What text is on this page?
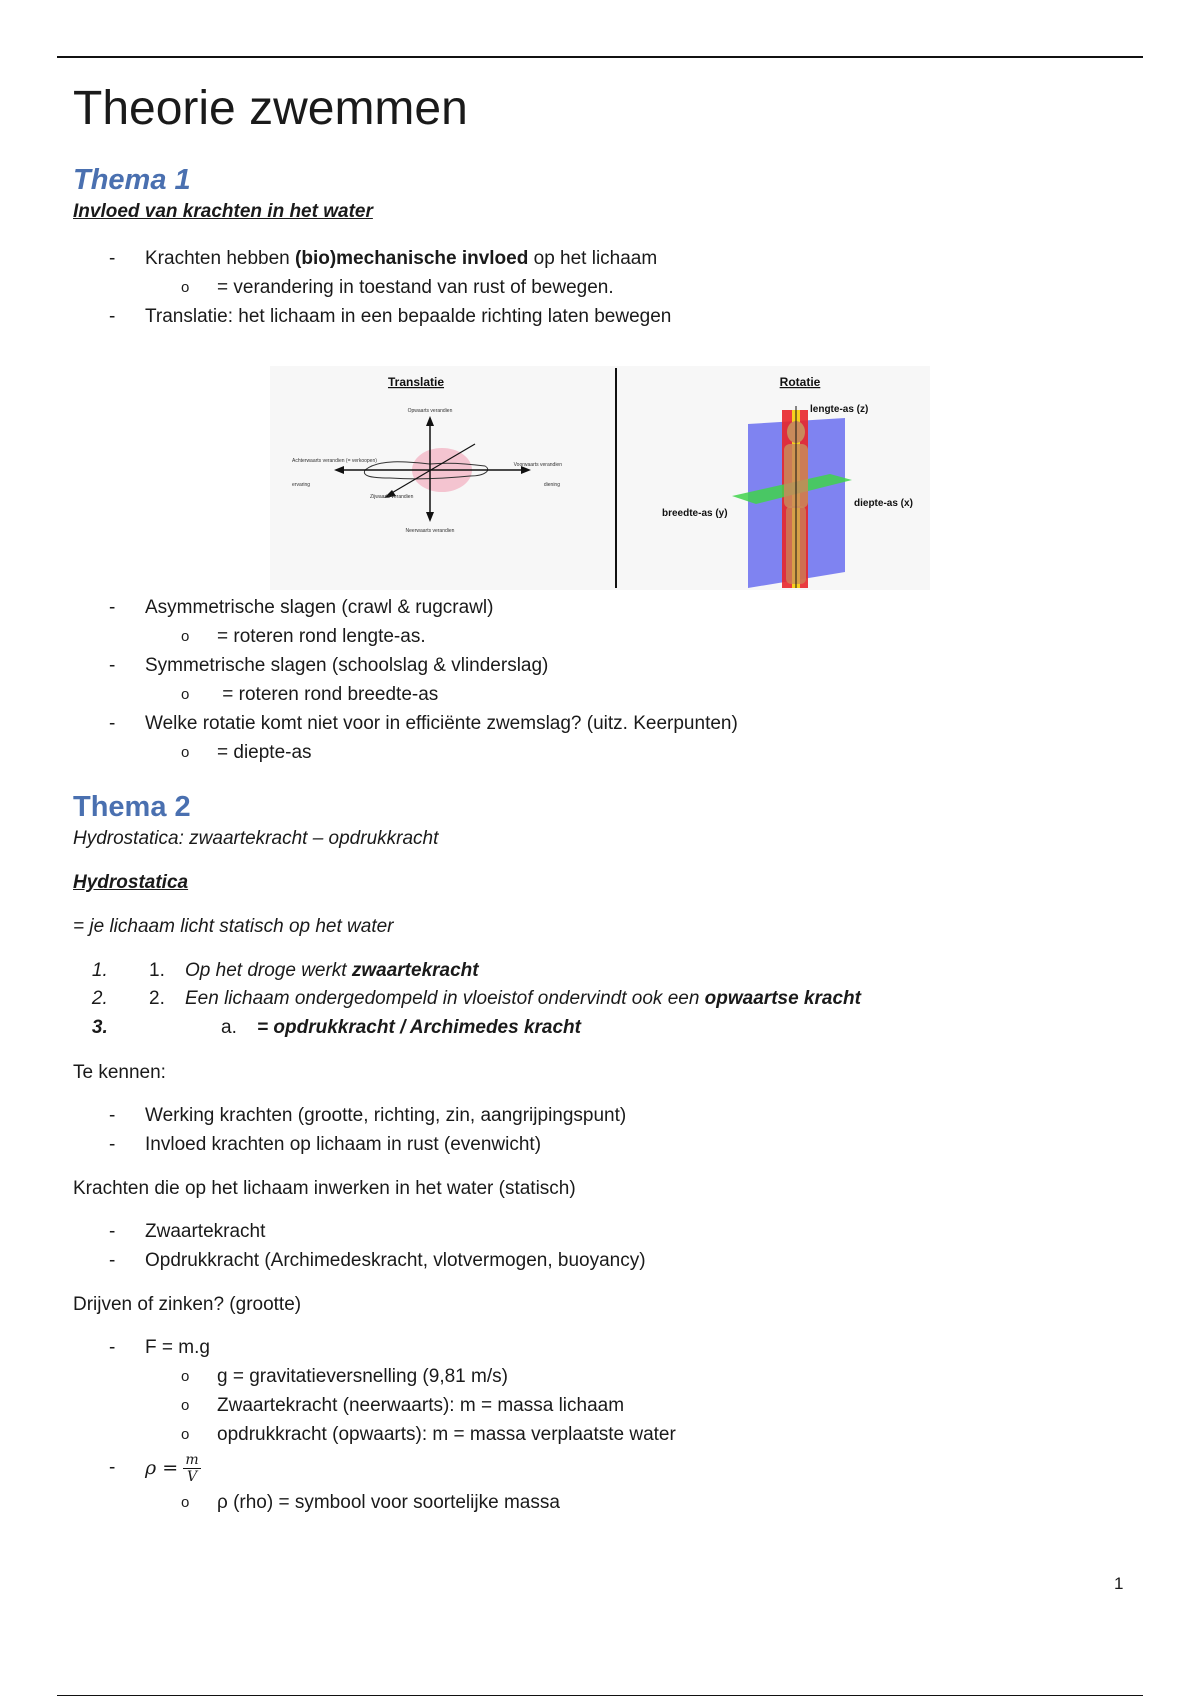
Theorie zwemmen
Thema 1

Invloed van krachten in het water

- Krachten hebben (bio)mechanische invloed op het lichaam
o = verandering in toestand van rust of bewegen.
- Translatie: het lichaam in een bepaalde richting laten bewegen
- Asymmetrische slagen (crawl & rugcrawl)
o = roteren rond lengte-as.
- Symmetrische slagen (schoolslag & vlinderslag)
o = roteren rond breedte-as
- Welke rotatie komt niet voor in efficiënte zwemslag? (uitz. Keerpunten)
o = diepte-as
Thema 2

Hydrostatica: zwaartekracht – opdrukkracht

Hydrostatica

= je lichaam licht statisch op het water

1. 1. Op het droge werkt zwaartekracht
2. 2. Een lichaam ondergedompeld in vloeistof ondervindt ook een opwaartse kracht
3. a. = opdrukkracht / Archimedes kracht

Te kennen:

- Werking krachten (grootte, richting, zin, aangrijpingspunt)
- Invloed krachten op lichaam in rust (evenwicht)

Krachten die op het lichaam inwerken in het water (statisch)

- Zwaartekracht
- Opdrukkracht (Archimedeskracht, vlotvermogen, buoyancy)

Drijven of zinken? (grootte)

- F = m.g
o g = gravitatieversnelling (9,81 m/s)
o Zwaartekracht (neerwaarts): m = massa lichaam
o opdrukkracht (opwaarts): m = massa verplaatste water
- $\rho = \frac{m}{V}$
o ρ (rho) = symbool voor soortelijke massa
Translatie
Opwaarts verandien
Neerwaarts verandien
Achterwaarts verandien (= verkoopen)
ervaring
Voorwaarts verandien
diening
Zijwaarts verandien
Rotatie
lengte-as (z)
breedte-as (y)
diepte-as (x)
1
